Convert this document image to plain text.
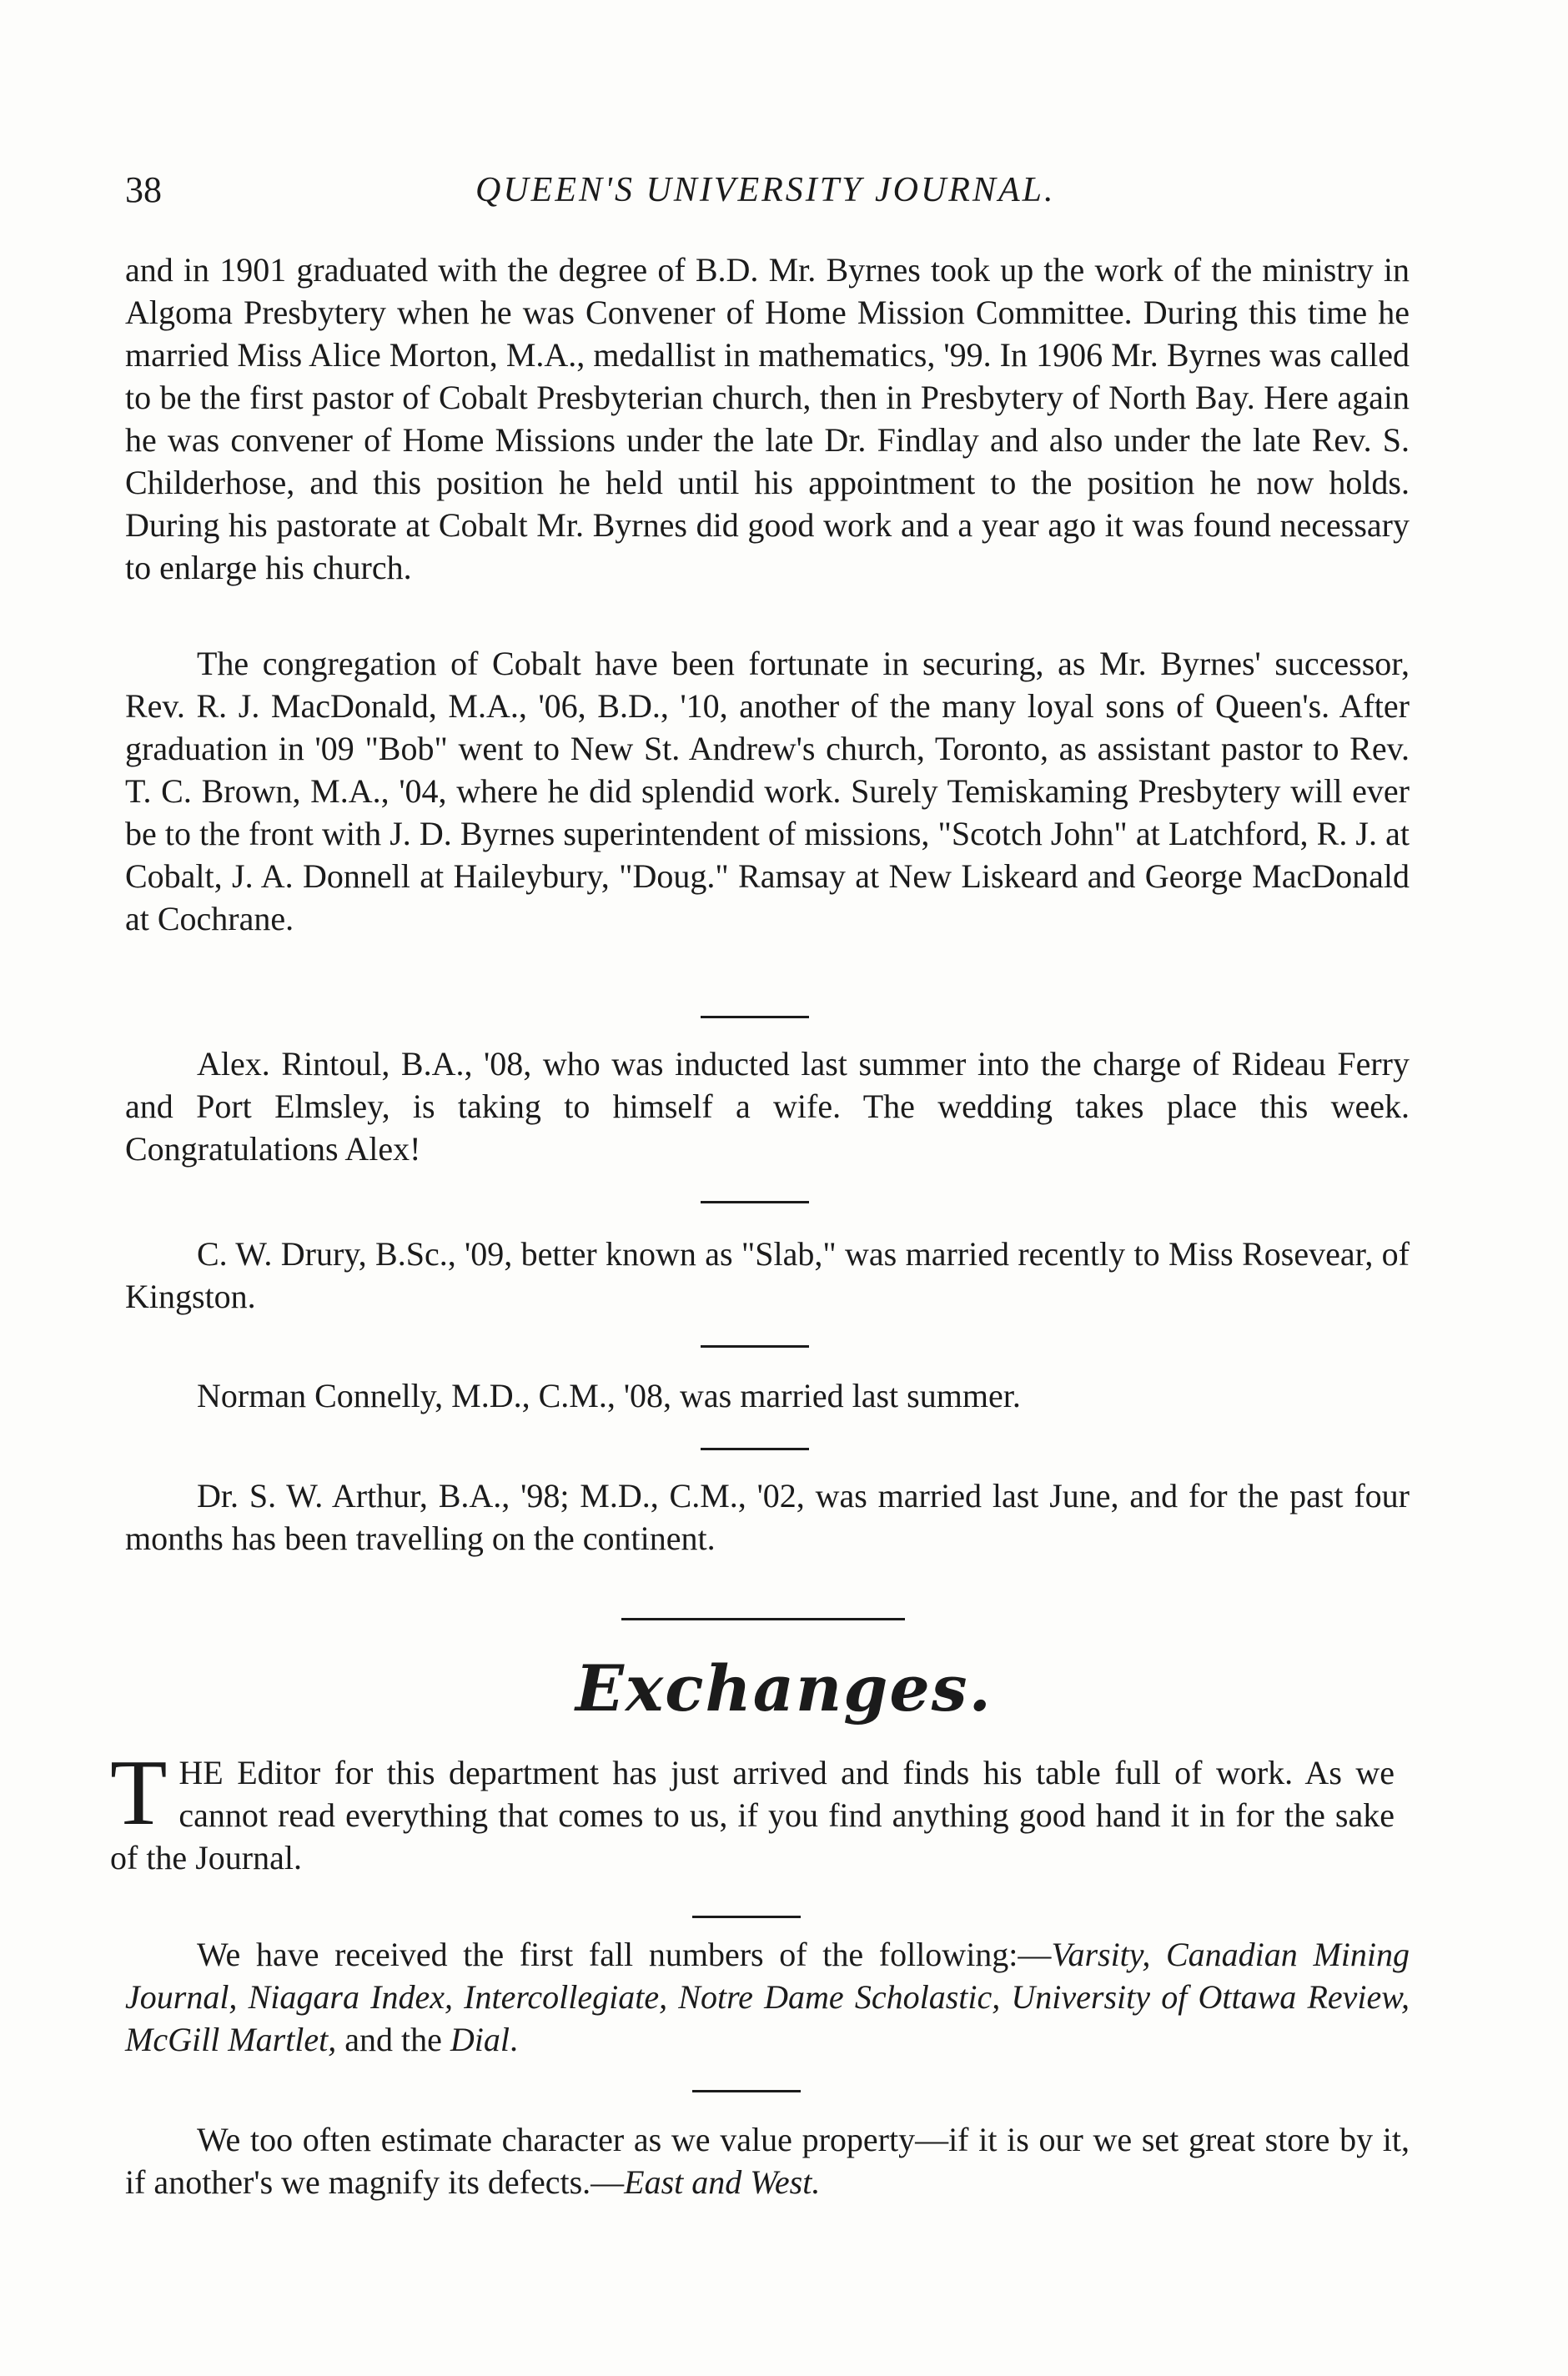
38	QUEEN'S UNIVERSITY JOURNAL.

and in 1901 graduated with the degree of B.D. Mr. Byrnes took up the work of the ministry in Algoma Presbytery when he was Convener of Home Mission Committee. During this time he married Miss Alice Morton, M.A., medallist in mathematics, '99. In 1906 Mr. Byrnes was called to be the first pastor of Cobalt Presbyterian church, then in Presbytery of North Bay. Here again he was convener of Home Missions under the late Dr. Findlay and also under the late Rev. S. Childerhose, and this position he held until his appointment to the position he now holds. During his pastorate at Cobalt Mr. Byrnes did good work and a year ago it was found necessary to enlarge his church.

The congregation of Cobalt have been fortunate in securing, as Mr. Byrnes' successor, Rev. R. J. MacDonald, M.A., '06, B.D., '10, another of the many loyal sons of Queen's. After graduation in '09 "Bob" went to New St. Andrew's church, Toronto, as assistant pastor to Rev. T. C. Brown, M.A., '04, where he did splendid work. Surely Temiskaming Presbytery will ever be to the front with J. D. Byrnes superintendent of missions, "Scotch John" at Latchford, R. J. at Cobalt, J. A. Donnell at Haileybury, "Doug." Ramsay at New Liskeard and George MacDonald at Cochrane.

Alex. Rintoul, B.A., '08, who was inducted last summer into the charge of Rideau Ferry and Port Elmsley, is taking to himself a wife. The wedding takes place this week. Congratulations Alex!

C. W. Drury, B.Sc., '09, better known as "Slab," was married recently to Miss Rosevear, of Kingston.

Norman Connelly, M.D., C.M., '08, was married last summer.

Dr. S. W. Arthur, B.A., '98; M.D., C.M., '02, was married last June, and for the past four months has been travelling on the continent.

Exchanges.

THE Editor for this department has just arrived and finds his table full of work. As we cannot read everything that comes to us, if you find anything good hand it in for the sake of the Journal.

We have received the first fall numbers of the following:—Varsity, Canadian Mining Journal, Niagara Index, Intercollegiate, Notre Dame Scholastic, University of Ottawa Review, McGill Martlet, and the Dial.

We too often estimate character as we value property—if it is our we set great store by it, if another's we magnify its defects.—East and West.
